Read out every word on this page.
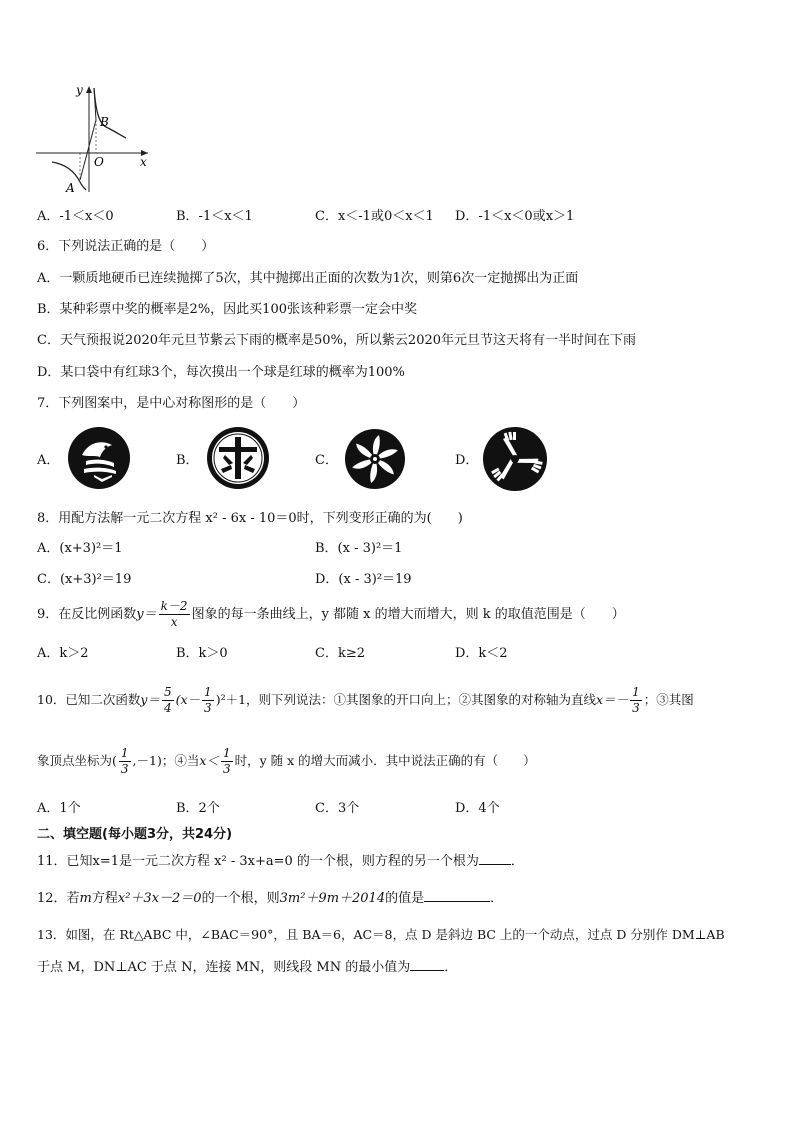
y
x
O
A
B
A．-1＜x＜0	B．-1＜x＜1	C．x＜-1或0＜x＜1 D．-1＜x＜0或x＞1
6．下列说法正确的是（　　）
A．一颗质地硬币已连续抛掷了5次，其中抛掷出正面的次数为1次，则第6次一定抛掷出为正面
B．某种彩票中奖的概率是2%，因此买100张该种彩票一定会中奖
C．天气预报说2020年元旦节紫云下雨的概率是50%，所以紫云2020年元旦节这天将有一半时间在下雨
D．某口袋中有红球3个，每次摸出一个球是红球的概率为100%
7．下列图案中，是中心对称图形的是（　　）
A．	B．	C．	D．
8．用配方法解一元二次方程 x² - 6x - 10＝0时，下列变形正确的为(　　)
A．(x+3)²＝1	B．(x - 3)²＝1
C．(x+3)²＝19	D．(x - 3)²＝19
9．在反比例函数$y= \frac{k-2}{x}$ 图象的每一条曲线上，y 都随 x 的增大而增大，则 k 的取值范围是（　　）
A．k＞2	B．k＞0	C．k≥2	D．k＜2
10．已知二次函数$y= \frac{5}{4} (x- \frac{1}{3} )^2+1$，则下列说法：①其图象的开口向上；②其图象的对称轴为直线$x=- \frac{1}{3}$ ；③其图
象顶点坐标为( $\frac{1}{3} ,-1$)；④当$x< \frac{1}{3}$ 时，y 随 x 的增大而减小．其中说法正确的有（　　）
A．1个	B．2个	C．3个	D．4个
二、填空题(每小题3分，共24分)
11．已知x=1是一元二次方程 x² - 3x+a=0 的一个根，则方程的另一个根为 ．
12．若m方程x²＋3x－2＝0的一个根，则3m²＋9m＋2014的值是	．
13．如图，在 Rt△ABC 中，∠BAC＝90°，且 BA＝6，AC＝8，点 D 是斜边 BC 上的一个动点，过点 D 分别作 DM⊥AB
于点 M，DN⊥AC 于点 N，连接 MN，则线段 MN 的最小值为	．
